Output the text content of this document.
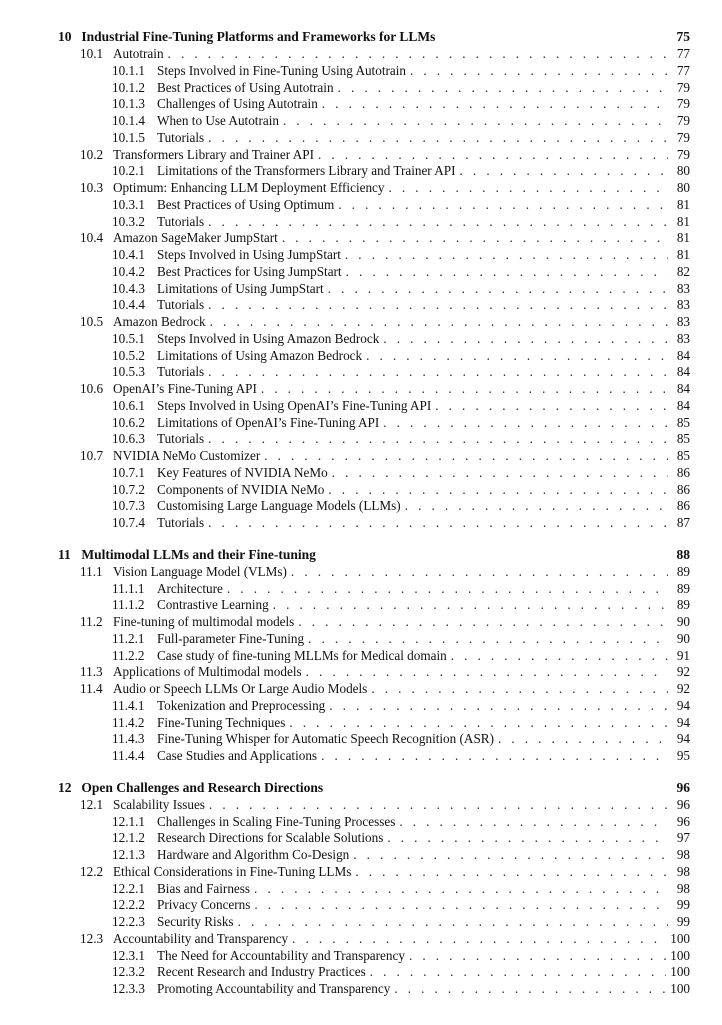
10 Industrial Fine-Tuning Platforms and Frameworks for LLMs	75
10.1 Autotrain . . .	77
10.1.1 Steps Involved in Fine-Tuning Using Autotrain . . .	77
10.1.2 Best Practices of Using Autotrain . . .	79
10.1.3 Challenges of Using Autotrain . . .	79
10.1.4 When to Use Autotrain . . .	79
10.1.5 Tutorials . . .	79
10.2 Transformers Library and Trainer API . . .	79
10.2.1 Limitations of the Transformers Library and Trainer API . . .	80
10.3 Optimum: Enhancing LLM Deployment Efficiency . . .	80
10.3.1 Best Practices of Using Optimum . . .	81
10.3.2 Tutorials . . .	81
10.4 Amazon SageMaker JumpStart . . .	81
10.4.1 Steps Involved in Using JumpStart . . .	81
10.4.2 Best Practices for Using JumpStart . . .	82
10.4.3 Limitations of Using JumpStart . . .	83
10.4.4 Tutorials . . .	83
10.5 Amazon Bedrock . . .	83
10.5.1 Steps Involved in Using Amazon Bedrock . . .	83
10.5.2 Limitations of Using Amazon Bedrock . . .	84
10.5.3 Tutorials . . .	84
10.6 OpenAI’s Fine-Tuning API . . .	84
10.6.1 Steps Involved in Using OpenAI’s Fine-Tuning API . . .	84
10.6.2 Limitations of OpenAI’s Fine-Tuning API . . .	85
10.6.3 Tutorials . . .	85
10.7 NVIDIA NeMo Customizer . . .	85
10.7.1 Key Features of NVIDIA NeMo . . .	86
10.7.2 Components of NVIDIA NeMo . . .	86
10.7.3 Customising Large Language Models (LLMs) . . .	86
10.7.4 Tutorials . . .	87
11 Multimodal LLMs and their Fine-tuning	88
11.1 Vision Language Model (VLMs) . . .	89
11.1.1 Architecture . . .	89
11.1.2 Contrastive Learning . . .	89
11.2 Fine-tuning of multimodal models . . .	90
11.2.1 Full-parameter Fine-Tuning . . .	90
11.2.2 Case study of fine-tuning MLLMs for Medical domain . . .	91
11.3 Applications of Multimodal models . . .	92
11.4 Audio or Speech LLMs Or Large Audio Models . . .	92
11.4.1 Tokenization and Preprocessing . . .	94
11.4.2 Fine-Tuning Techniques . . .	94
11.4.3 Fine-Tuning Whisper for Automatic Speech Recognition (ASR) . . .	94
11.4.4 Case Studies and Applications . . .	95
12 Open Challenges and Research Directions	96
12.1 Scalability Issues . . .	96
12.1.1 Challenges in Scaling Fine-Tuning Processes . . .	96
12.1.2 Research Directions for Scalable Solutions . . .	97
12.1.3 Hardware and Algorithm Co-Design . . .	98
12.2 Ethical Considerations in Fine-Tuning LLMs . . .	98
12.2.1 Bias and Fairness . . .	98
12.2.2 Privacy Concerns . . .	99
12.2.3 Security Risks . . .	99
12.3 Accountability and Transparency . . .	100
12.3.1 The Need for Accountability and Transparency . . .	100
12.3.2 Recent Research and Industry Practices . . .	100
12.3.3 Promoting Accountability and Transparency . . .	100
